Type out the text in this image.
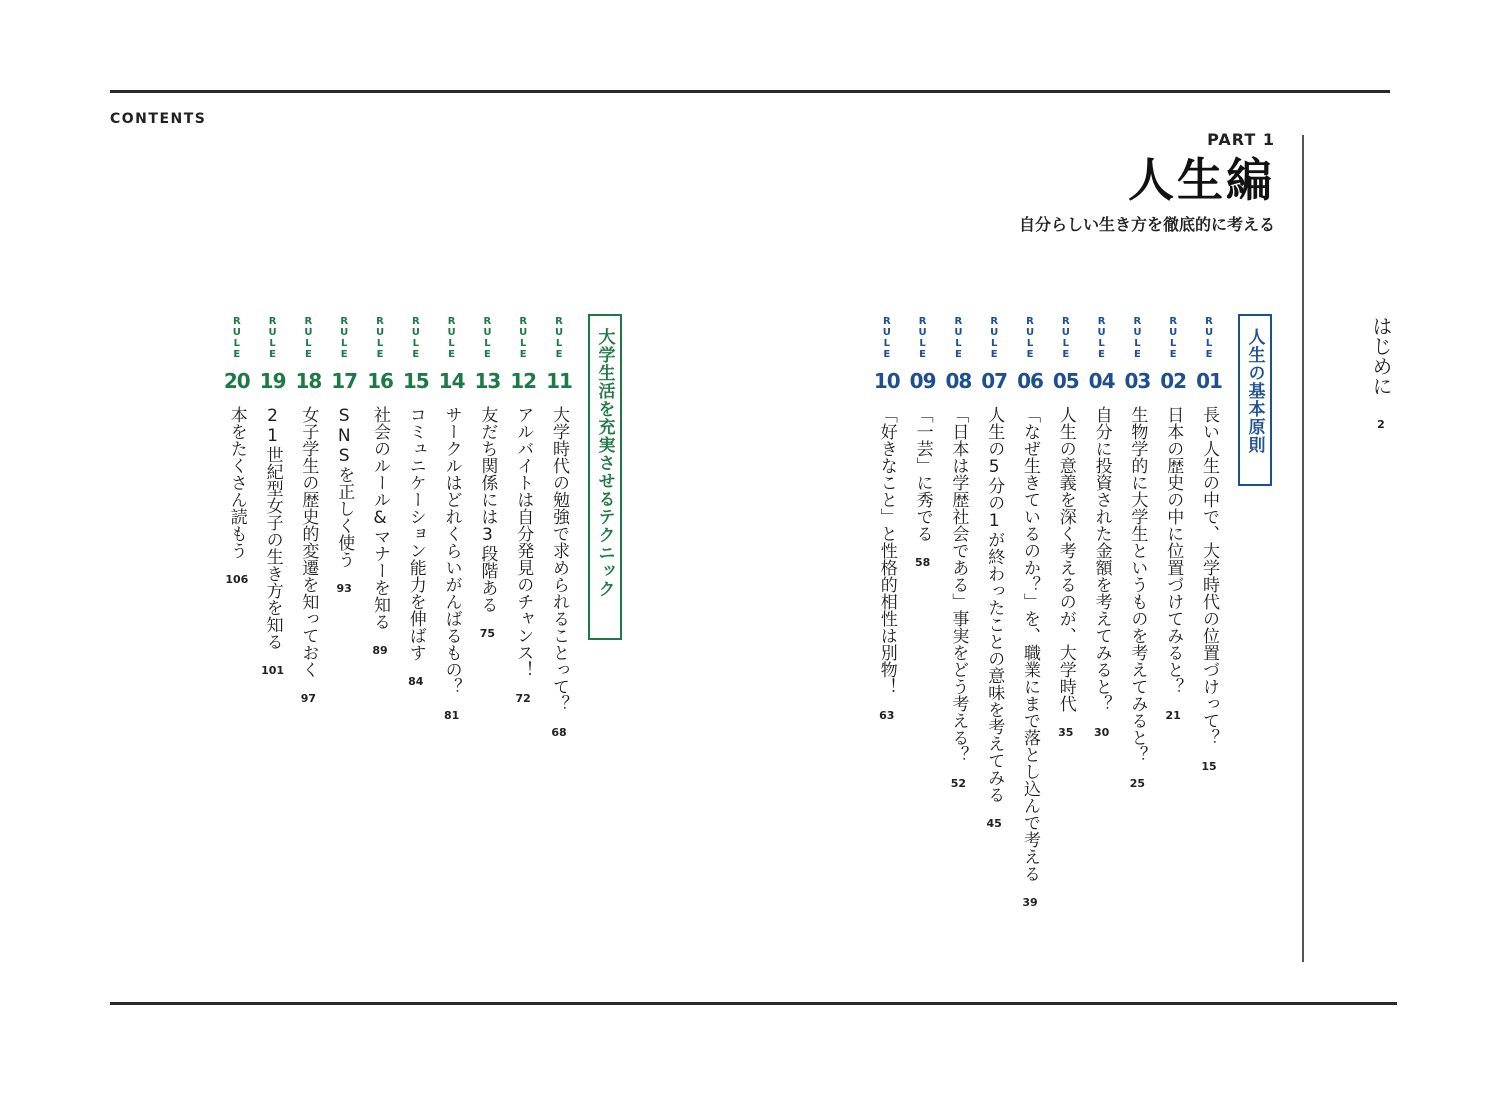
CONTENTS
PART 1
人生編
自分らしい生き方を徹底的に考える
はじめに
2
人生の基本原則
大学生活を充実させるテクニック
RULE
01
長い人生の中で、大学時代の位置づけって？
15
RULE
02
日本の歴史の中に位置づけてみると？
21
RULE
03
生物学的に大学生というものを考えてみると？
25
RULE
04
自分に投資された金額を考えてみると？
30
RULE
05
人生の意義を深く考えるのが、大学時代
35
RULE
06
「なぜ生きているのか？」を、職業にまで落とし込んで考える
39
RULE
07
人生の5分の1が終わったことの意味を考えてみる
45
RULE
08
「日本は学歴社会である」事実をどう考える？
52
RULE
09
「一芸」に秀でる
58
RULE
10
「好きなこと」と性格的相性は別物！
63
RULE
11
大学時代の勉強で求められることって？
68
RULE
12
アルバイトは自分発見のチャンス！
72
RULE
13
友だち関係には3段階ある
75
RULE
14
サークルはどれくらいがんばるもの？
81
RULE
15
コミュニケーション能力を伸ばす
84
RULE
16
社会のルール&マナーを知る
89
RULE
17
SNSを正しく使う
93
RULE
18
女子学生の歴史的変遷を知っておく
97
RULE
19
21世紀型女子の生き方を知る
101
RULE
20
本をたくさん読もう
106
